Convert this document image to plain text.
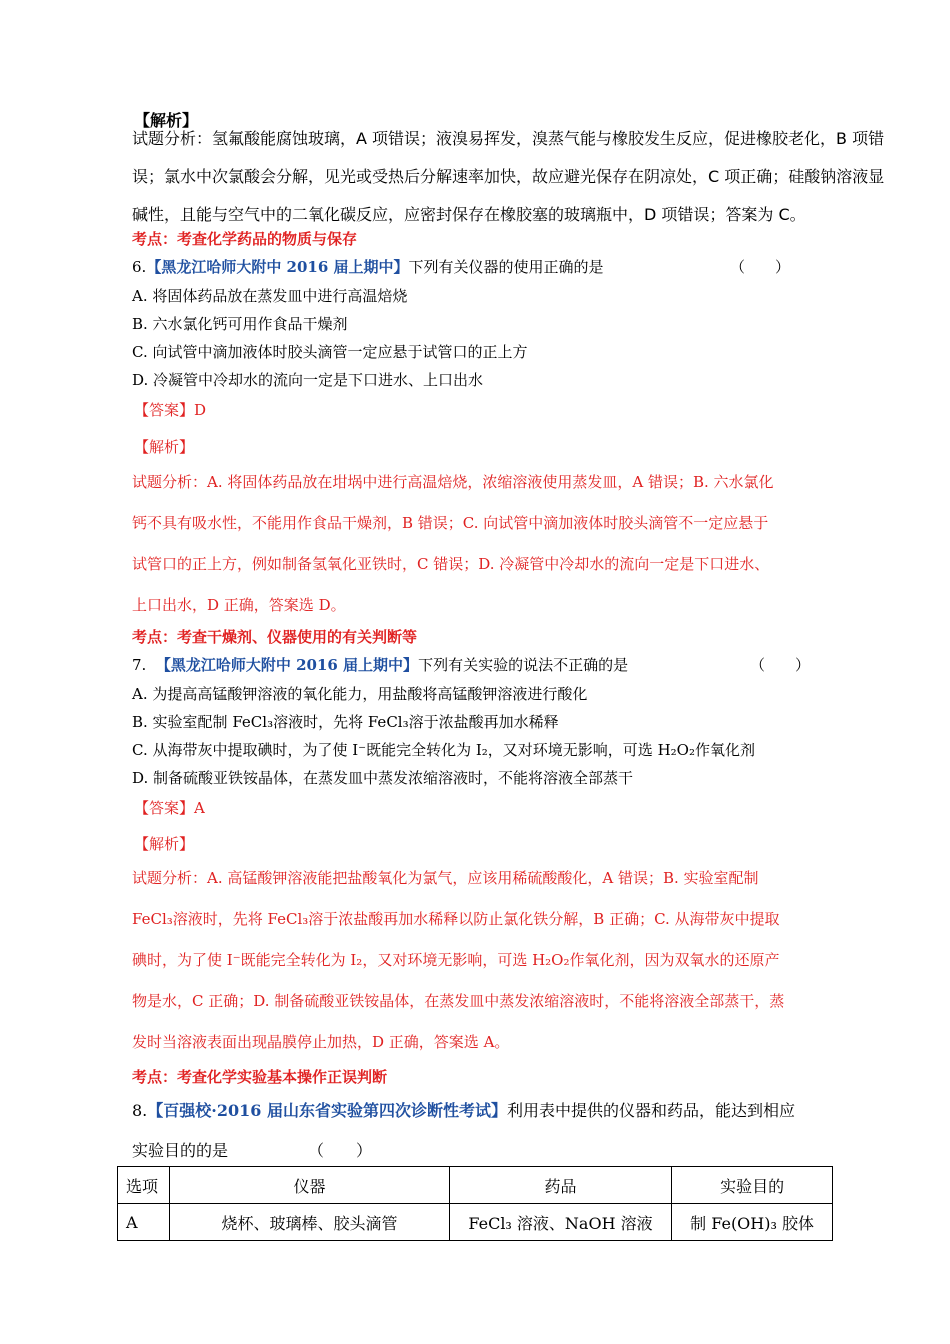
【解析】
试题分析：氢氟酸能腐蚀玻璃，A 项错误；液溴易挥发，溴蒸气能与橡胶发生反应，促进橡胶老化，B 项错
误；氯水中次氯酸会分解，见光或受热后分解速率加快，故应避光保存在阴凉处，C 项正确；硅酸钠溶液显
碱性，且能与空气中的二氧化碳反应，应密封保存在橡胶塞的玻璃瓶中，D 项错误；答案为 C。
考点：考查化学药品的物质与保存
6.【黑龙江哈师大附中 2016 届上期中】下列有关仪器的使用正确的是	（　　）
A. 将固体药品放在蒸发皿中进行高温焙烧
B. 六水氯化钙可用作食品干燥剂
C. 向试管中滴加液体时胶头滴管一定应悬于试管口的正上方
D. 冷凝管中冷却水的流向一定是下口进水、上口出水
【答案】D
【解析】
试题分析：A. 将固体药品放在坩埚中进行高温焙烧，浓缩溶液使用蒸发皿，A 错误；B. 六水氯化
钙不具有吸水性，不能用作食品干燥剂，B 错误；C. 向试管中滴加液体时胶头滴管不一定应悬于
试管口的正上方，例如制备氢氧化亚铁时，C 错误；D. 冷凝管中冷却水的流向一定是下口进水、
上口出水，D 正确，答案选 D。
考点：考查干燥剂、仪器使用的有关判断等
7. 【黑龙江哈师大附中 2016 届上期中】下列有关实验的说法不正确的是	（　　）
A. 为提高高锰酸钾溶液的氧化能力，用盐酸将高锰酸钾溶液进行酸化
B. 实验室配制 FeCl₃溶液时，先将 FeCl₃溶于浓盐酸再加水稀释
C. 从海带灰中提取碘时，为了使 I⁻既能完全转化为 I₂，又对环境无影响，可选 H₂O₂作氧化剂
D. 制备硫酸亚铁铵晶体，在蒸发皿中蒸发浓缩溶液时，不能将溶液全部蒸干
【答案】A
【解析】
试题分析：A. 高锰酸钾溶液能把盐酸氧化为氯气，应该用稀硫酸酸化，A 错误；B. 实验室配制
FeCl₃溶液时，先将 FeCl₃溶于浓盐酸再加水稀释以防止氯化铁分解，B 正确；C. 从海带灰中提取
碘时，为了使 I⁻既能完全转化为 I₂，又对环境无影响，可选 H₂O₂作氧化剂，因为双氧水的还原产
物是水，C 正确；D. 制备硫酸亚铁铵晶体，在蒸发皿中蒸发浓缩溶液时，不能将溶液全部蒸干，蒸
发时当溶液表面出现晶膜停止加热，D 正确，答案选 A。
考点：考查化学实验基本操作正误判断
8.【百强校·2016 届山东省实验第四次诊断性考试】利用表中提供的仪器和药品，能达到相应
实验目的的是	（　　）
选项	仪器	药品	实验目的
A	烧杯、玻璃棒、胶头滴管	FeCl₃ 溶液、NaOH 溶液	制 Fe(OH)₃ 胶体
